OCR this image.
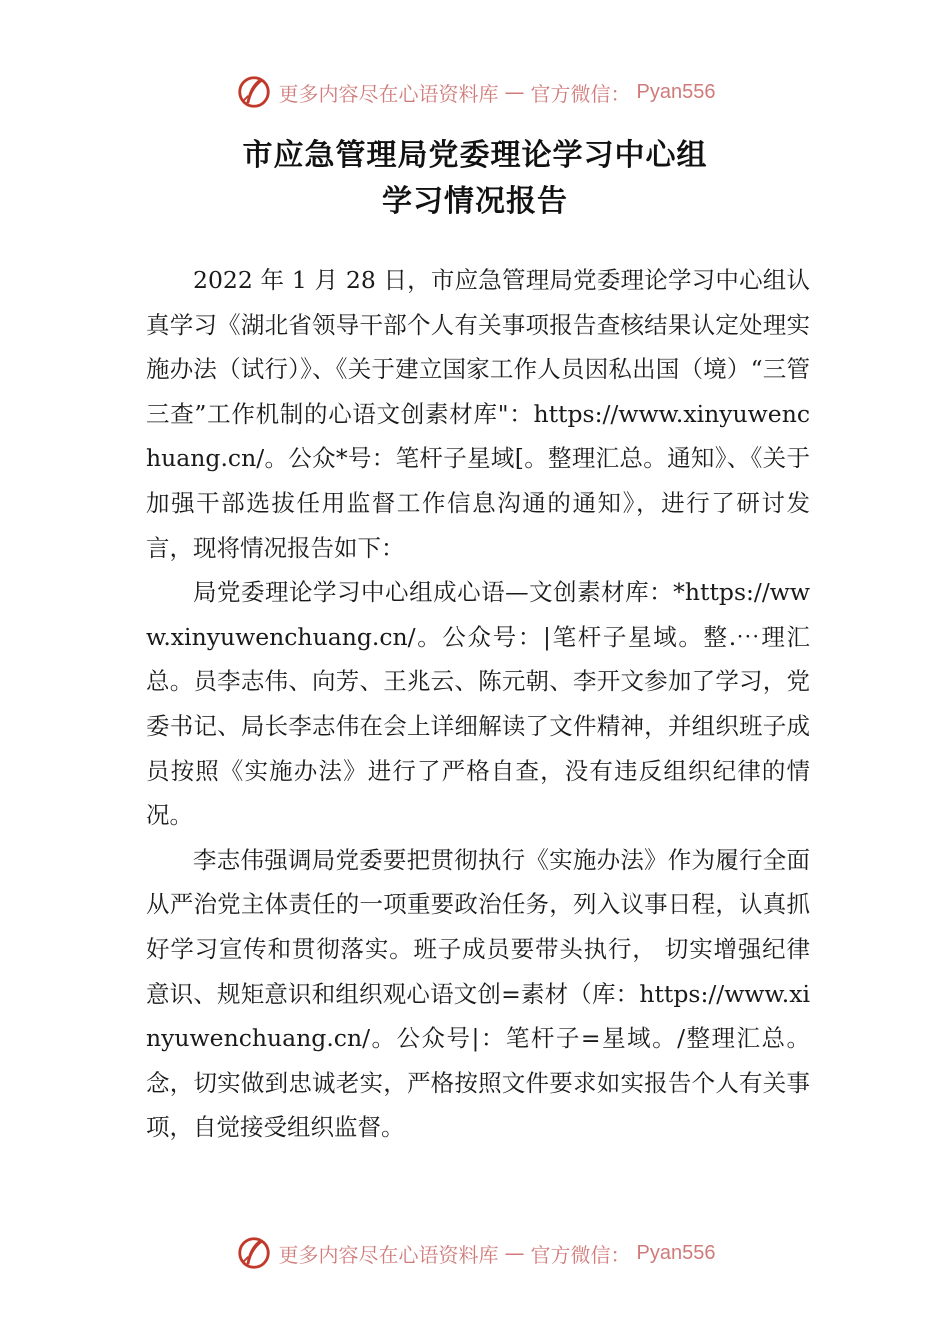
更多内容尽在心语资料库 — 官方微信： Pyan556
市应急管理局党委理论学习中心组
学习情况报告

2022 年 1 月 28 日，市应急管理局党委理论学习中心组认真学习《湖北省领导干部个人有关事项报告查核结果认定处理实施办法（试行）》、《关于建立国家工作人员因私出国（境）“三管三查”工作机制的心语文创素材库"：https://www.xinyuwenchuang.cn/。公众*号：笔杆子星域[。整理汇总。通知》、《关于加强干部选拔任用监督工作信息沟通的通知》，进行了研讨发言，现将情况报告如下：

局党委理论学习中心组成心语—文创素材库：*https://www.xinyuwenchuang.cn/。公众号：|笔杆子星域。整.⋯理汇总。员李志伟、向芳、王兆云、陈元朝、李开文参加了学习，党委书记、局长李志伟在会上详细解读了文件精神，并组织班子成员按照《实施办法》进行了严格自查，没有违反组织纪律的情况。

李志伟强调局党委要把贯彻执行《实施办法》作为履行全面从严治党主体责任的一项重要政治任务，列入议事日程，认真抓好学习宣传和贯彻落实。班子成员要带头执行， 切实增强纪律意识、规矩意识和组织观心语文创=素材（库：https://www.xinyuwenchuang.cn/。公众号|：笔杆子=星域。/整理汇总。念，切实做到忠诚老实，严格按照文件要求如实报告个人有关事项，自觉接受组织监督。

更多内容尽在心语资料库 — 官方微信： Pyan556
